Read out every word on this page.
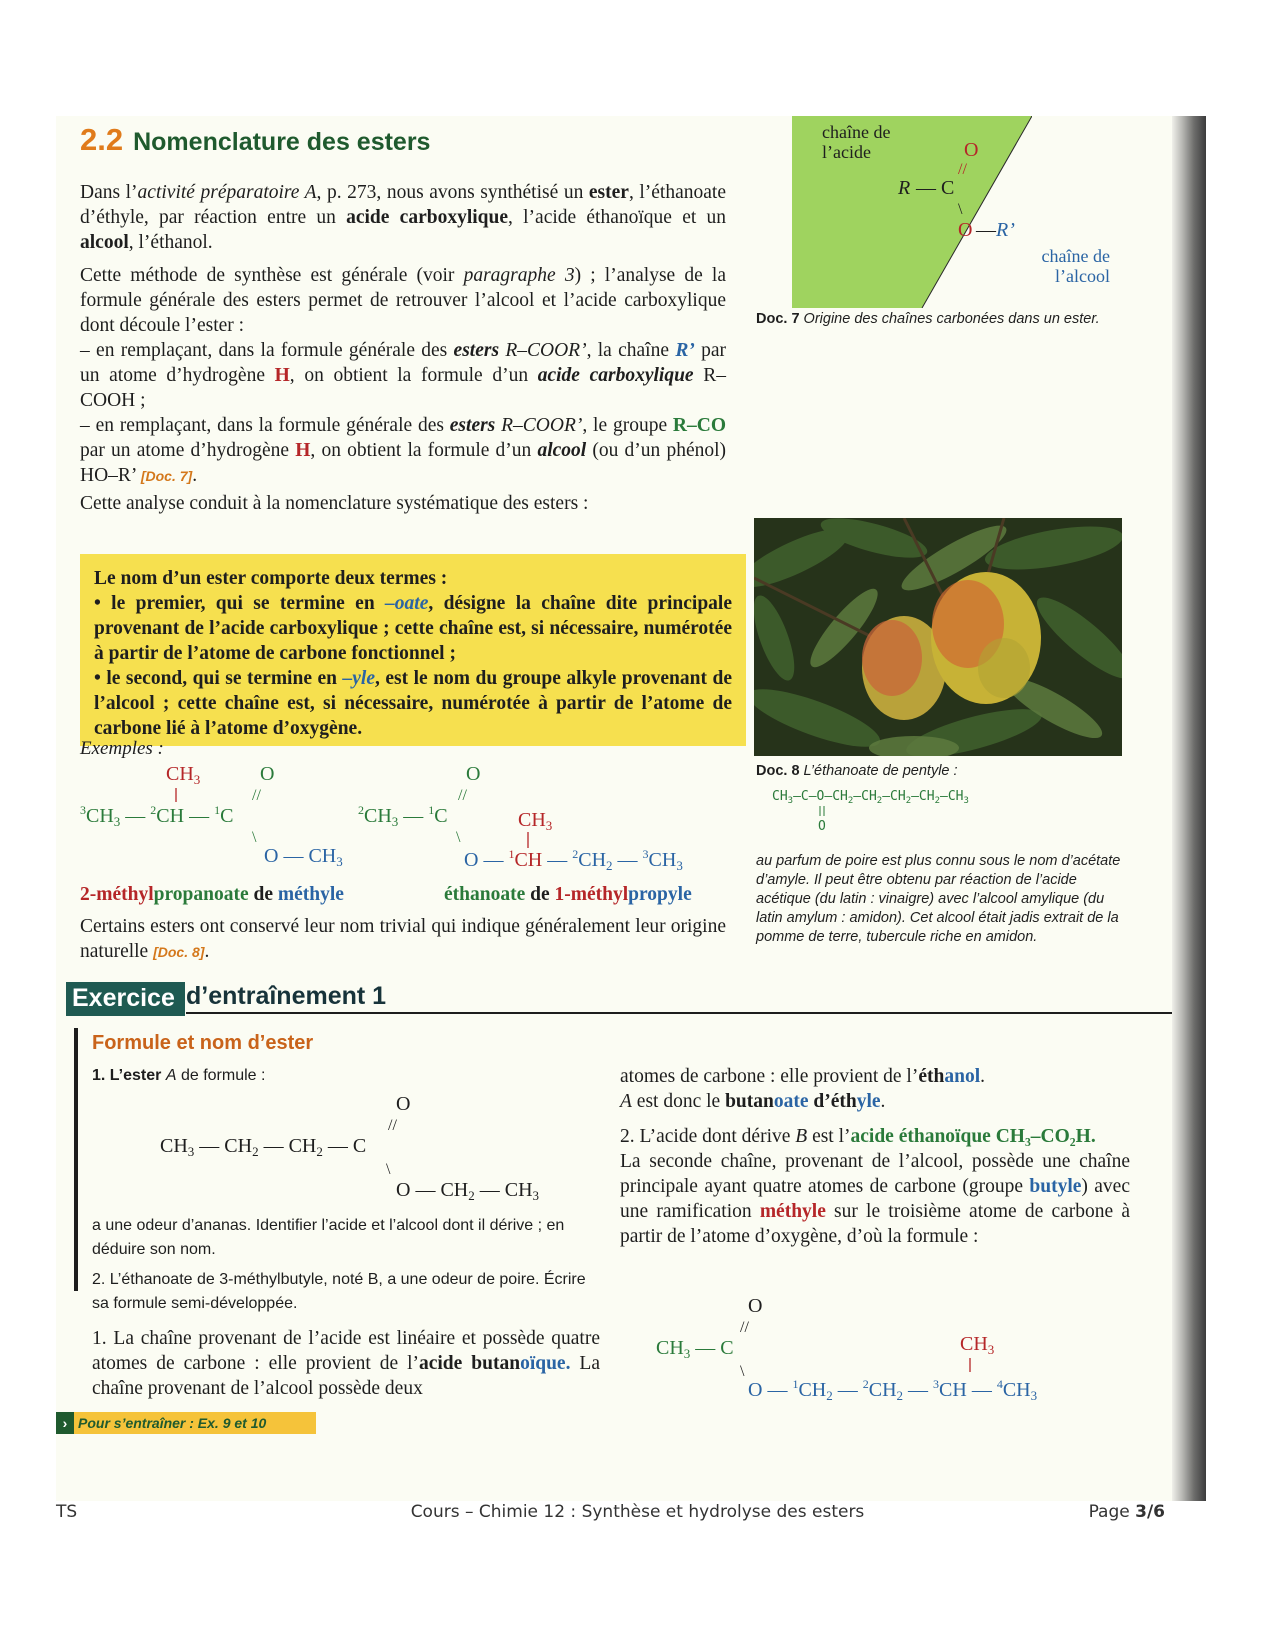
2.2 Nomenclature des esters

Dans l’activité préparatoire A, p. 273, nous avons synthétisé un ester, l’éthanoate d’éthyle, par réaction entre un acide carboxylique, l’acide éthanoïque et un alcool, l’éthanol.

Cette méthode de synthèse est générale (voir paragraphe 3) ; l’analyse de la formule générale des esters permet de retrouver l’alcool et l’acide carboxylique dont découle l’ester :

– en remplaçant, dans la formule générale des esters R–COOR’, la chaîne R’ par un atome d’hydrogène H, on obtient la formule d’un acide carboxylique R–COOH ;

– en remplaçant, dans la formule générale des esters R–COOR’, le groupe R–CO par un atome d’hydrogène H, on obtient la formule d’un alcool (ou d’un phénol) HO–R’ [Doc. 7].

Cette analyse conduit à la nomenclature systématique des esters :

Le nom d’un ester comporte deux termes :
• le premier, qui se termine en –oate, désigne la chaîne dite principale provenant de l’acide carboxylique ; cette chaîne est, si nécessaire, numérotée à partir de l’atome de carbone fonctionnel ;
• le second, qui se termine en –yle, est le nom du groupe alkyle provenant de l’alcool ; cette chaîne est, si nécessaire, numérotée à partir de l’atome de carbone lié à l’atome d’oxygène.
Exemples :
$CH_3$
$^3CH_3$ — $^2$CH — $^1$C
O
//
\
O — $CH_3$
O
//
$^2CH_3$ — $^1$C	$CH_3$
\
O — $^1$CH — $^2CH_2$ — $^3CH_3$
2-méthylpropanoate de méthyle	éthanoate de 1-méthylpropyle
Certains esters ont conservé leur nom trivial qui indique généralement leur origine naturelle [Doc. 8].
O
//
R — C
\
O — R’
chaîne de l’acide
chaîne de l’alcool
Doc. 7 Origine des chaînes carbonées dans un ester.
Doc. 8 L’éthanoate de pentyle :
$CH_3—C—O—CH_2—CH_2—CH_2—CH_2—CH_3$
O
au parfum de poire est plus connu sous le nom d’acétate d’amyle. Il peut être obtenu par réaction de l’acide acétique (du latin : vinaigre) avec l’alcool amylique (du latin amylum : amidon). Cet alcool était jadis extrait de la pomme de terre, tubercule riche en amidon.
Exercice d’entraînement 1
Formule et nom d’ester
1. L’ester A de formule :
O
//
$CH_3$ — $CH_2$ — $CH_2$ — C
\
O — $CH_2$ — $CH_3$
a une odeur d’ananas. Identifier l’acide et l’alcool dont il dérive ; en déduire son nom.
2. L’éthanoate de 3-méthylbutyle, noté B, a une odeur de poire. Écrire sa formule semi-développée.
1. La chaîne provenant de l’acide est linéaire et possède quatre atomes de carbone : elle provient de l’acide butanoïque. La chaîne provenant de l’alcool possède deux
atomes de carbone : elle provient de l’éthanol.
A est donc le butanoate d’éthyle.
2. L’acide dont dérive B est l’acide éthanoïque CH₃–CO₂H.
La seconde chaîne, provenant de l’alcool, possède une chaîne principale ayant quatre atomes de carbone (groupe butyle) avec une ramification méthyle sur le troisième atome de carbone à partir de l’atome d’oxygène, d’où la formule :
O
//
$CH_3$ — C	$CH_3$
\
O — $^1CH_2$ — $^2CH_2$ — $^3$CH — $^4CH_3$
› Pour s’entraîner : Ex. 9 et 10
TS	Cours – Chimie 12 : Synthèse et hydrolyse des esters	Page 3/6
